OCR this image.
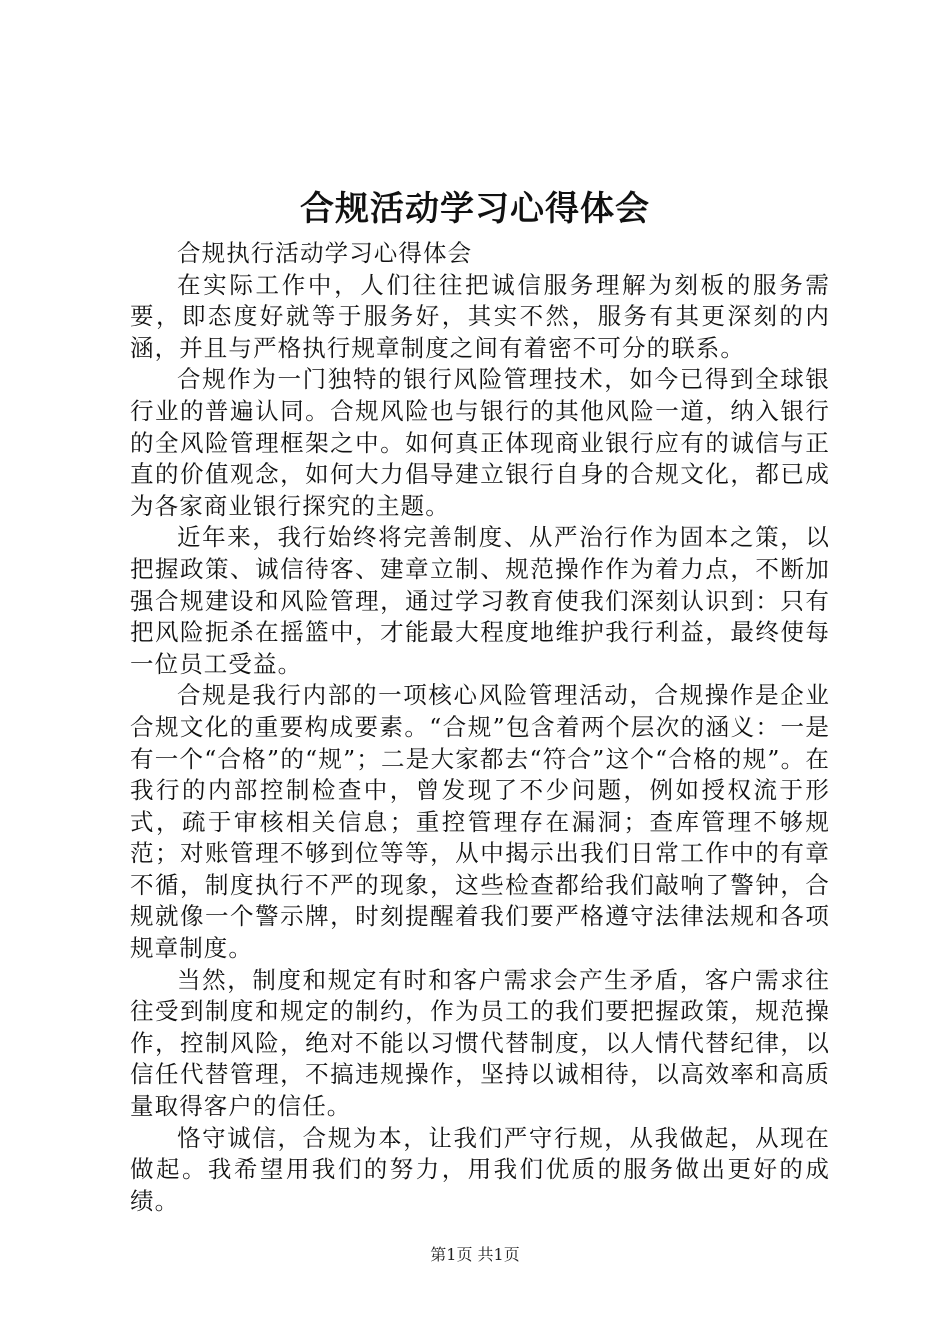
合规活动学习心得体会

合规执行活动学习心得体会

在实际工作中，人们往往把诚信服务理解为刻板的服务需要，即态度好就等于服务好，其实不然，服务有其更深刻的内涵，并且与严格执行规章制度之间有着密不可分的联系。

合规作为一门独特的银行风险管理技术，如今已得到全球银行业的普遍认同。合规风险也与银行的其他风险一道，纳入银行的全风险管理框架之中。如何真正体现商业银行应有的诚信与正直的价值观念，如何大力倡导建立银行自身的合规文化，都已成为各家商业银行探究的主题。

近年来，我行始终将完善制度、从严治行作为固本之策，以把握政策、诚信待客、建章立制、规范操作作为着力点，不断加强合规建设和风险管理，通过学习教育使我们深刻认识到：只有把风险扼杀在摇篮中，才能最大程度地维护我行利益，最终使每一位员工受益。

合规是我行内部的一项核心风险管理活动，合规操作是企业合规文化的重要构成要素。“合规”包含着两个层次的涵义：一是有一个“合格”的“规”；二是大家都去“符合”这个“合格的规”。在我行的内部控制检查中，曾发现了不少问题，例如授权流于形式，疏于审核相关信息；重控管理存在漏洞；查库管理不够规范；对账管理不够到位等等，从中揭示出我们日常工作中的有章不循，制度执行不严的现象，这些检查都给我们敲响了警钟，合规就像一个警示牌，时刻提醒着我们要严格遵守法律法规和各项规章制度。

当然，制度和规定有时和客户需求会产生矛盾，客户需求往往受到制度和规定的制约，作为员工的我们要把握政策，规范操作，控制风险，绝对不能以习惯代替制度，以人情代替纪律，以信任代替管理，不搞违规操作，坚持以诚相待，以高效率和高质量取得客户的信任。

恪守诚信，合规为本，让我们严守行规，从我做起，从现在做起。我希望用我们的努力，用我们优质的服务做出更好的成绩。

第1页 共1页
